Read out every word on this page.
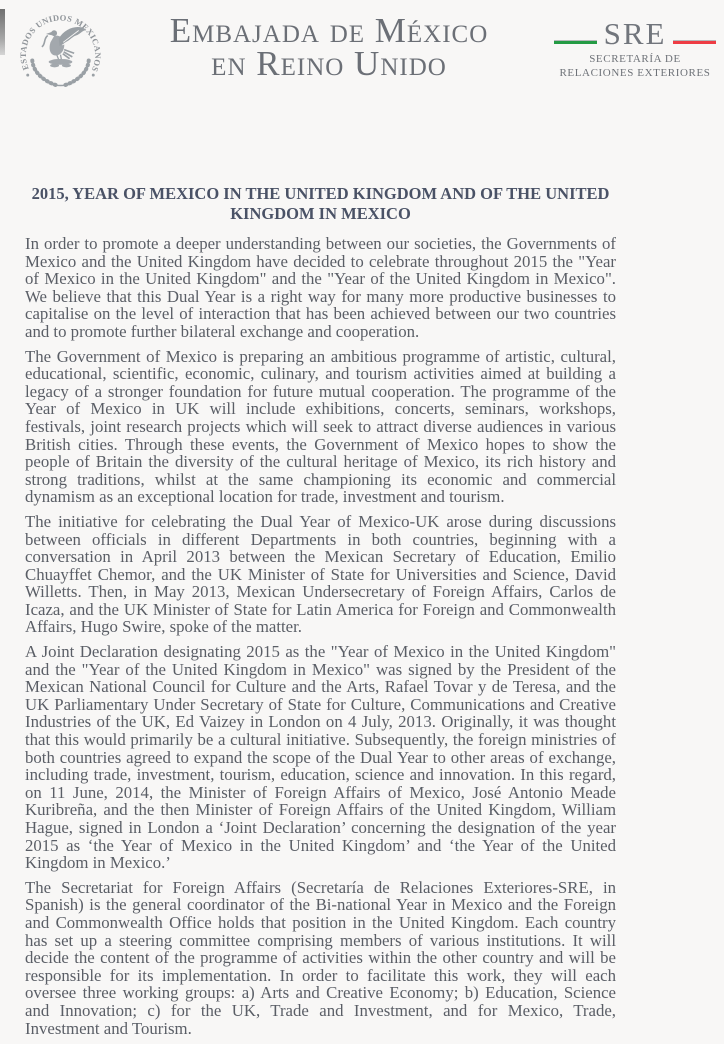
ESTADOS UNIDOS MEXICANOS
Embajada de México
en Reino Unido
SRE
SECRETARÍA DE
RELACIONES EXTERIORES
2015, YEAR OF MEXICO IN THE UNITED KINGDOM AND OF THE UNITED KINGDOM IN MEXICO

In order to promote a deeper understanding between our societies, the Governments of Mexico and the United Kingdom have decided to celebrate throughout 2015 the "Year of Mexico in the United Kingdom" and the "Year of the United Kingdom in Mexico". We believe that this Dual Year is a right way for many more productive businesses to capitalise on the level of interaction that has been achieved between our two countries and to promote further bilateral exchange and cooperation.

The Government of Mexico is preparing an ambitious programme of artistic, cultural, educational, scientific, economic, culinary, and tourism activities aimed at building a legacy of a stronger foundation for future mutual cooperation. The programme of the Year of Mexico in UK will include exhibitions, concerts, seminars, workshops, festivals, joint research projects which will seek to attract diverse audiences in various British cities. Through these events, the Government of Mexico hopes to show the people of Britain the diversity of the cultural heritage of Mexico, its rich history and strong traditions, whilst at the same championing its economic and commercial dynamism as an exceptional location for trade, investment and tourism.

The initiative for celebrating the Dual Year of Mexico-UK arose during discussions between officials in different Departments in both countries, beginning with a conversation in April 2013 between the Mexican Secretary of Education, Emilio Chuayffet Chemor, and the UK Minister of State for Universities and Science, David Willetts. Then, in May 2013, Mexican Undersecretary of Foreign Affairs, Carlos de Icaza, and the UK Minister of State for Latin America for Foreign and Commonwealth Affairs, Hugo Swire, spoke of the matter.

A Joint Declaration designating 2015 as the "Year of Mexico in the United Kingdom" and the "Year of the United Kingdom in Mexico" was signed by the President of the Mexican National Council for Culture and the Arts, Rafael Tovar y de Teresa, and the UK Parliamentary Under Secretary of State for Culture, Communications and Creative Industries of the UK, Ed Vaizey in London on 4 July, 2013. Originally, it was thought that this would primarily be a cultural initiative. Subsequently, the foreign ministries of both countries agreed to expand the scope of the Dual Year to other areas of exchange, including trade, investment, tourism, education, science and innovation. In this regard, on 11 June, 2014, the Minister of Foreign Affairs of Mexico, José Antonio Meade Kuribreña, and the then Minister of Foreign Affairs of the United Kingdom, William Hague, signed in London a ‘Joint Declaration’ concerning the designation of the year 2015 as ‘the Year of Mexico in the United Kingdom’ and ‘the Year of the United Kingdom in Mexico.’

The Secretariat for Foreign Affairs (Secretaría de Relaciones Exteriores-SRE, in Spanish) is the general coordinator of the Bi-national Year in Mexico and the Foreign and Commonwealth Office holds that position in the United Kingdom. Each country has set up a steering committee comprising members of various institutions. It will decide the content of the programme of activities within the other country and will be responsible for its implementation. In order to facilitate this work, they will each oversee three working groups: a) Arts and Creative Economy; b) Education, Science and Innovation; c) for the UK, Trade and Investment, and for Mexico, Trade, Investment and Tourism.
